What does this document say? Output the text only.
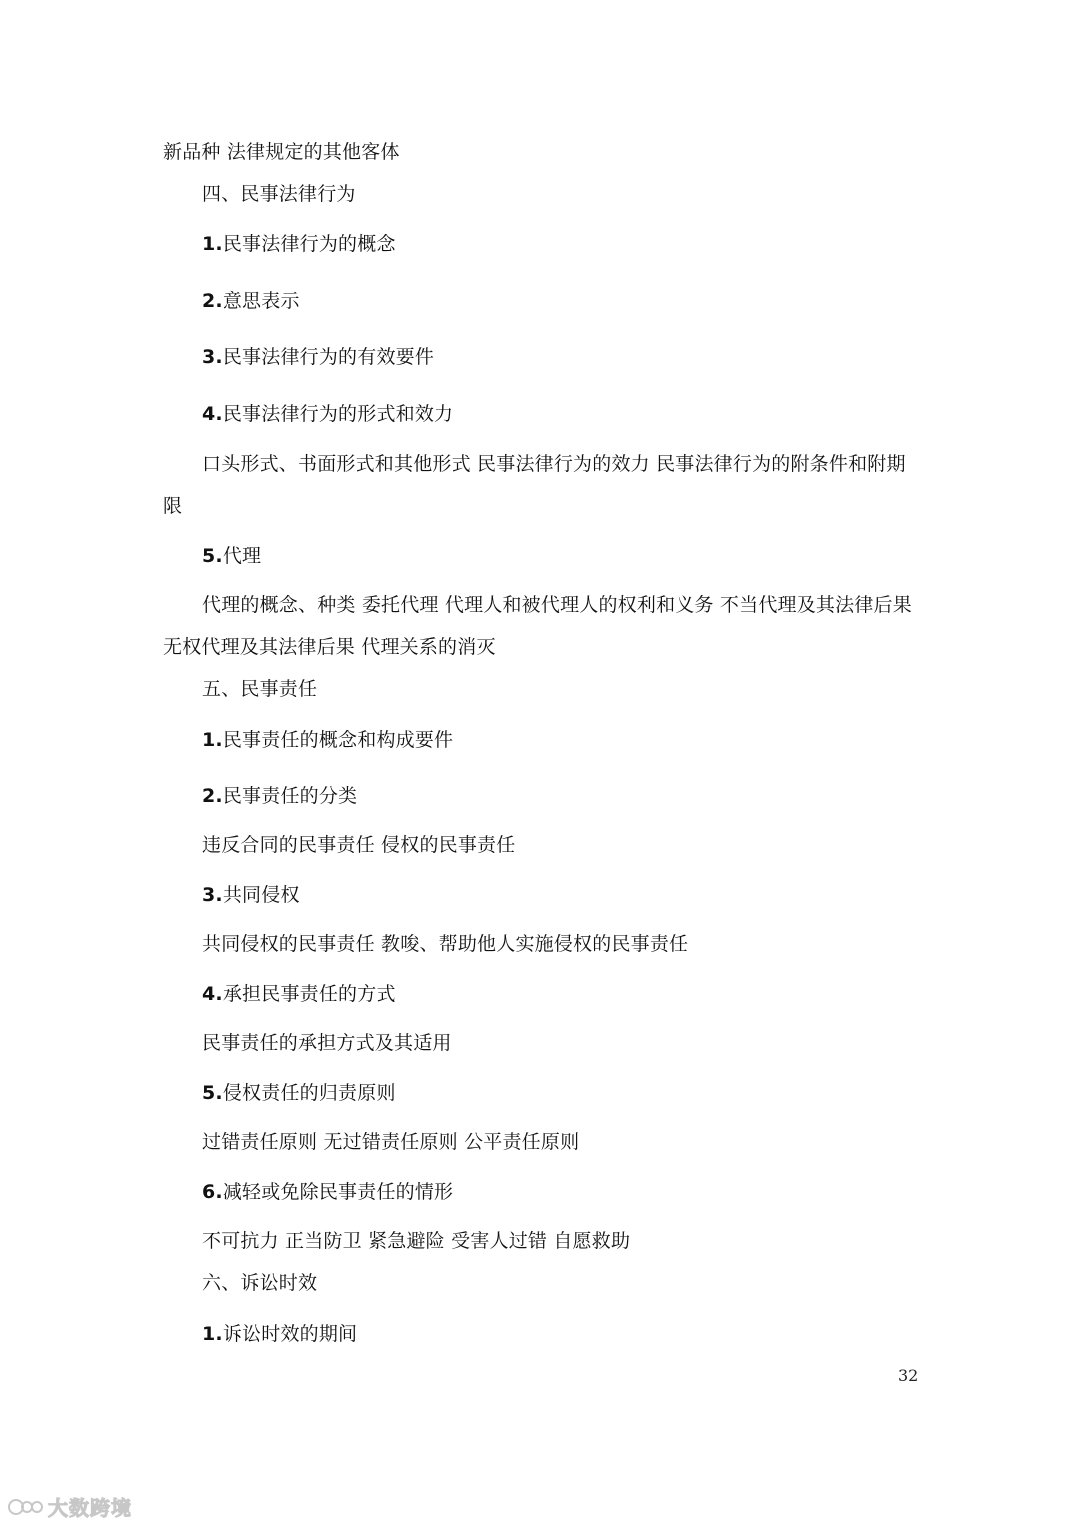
新品种 法律规定的其他客体
四、民事法律行为
1.民事法律行为的概念
2.意思表示
3.民事法律行为的有效要件
4.民事法律行为的形式和效力
口头形式、书面形式和其他形式 民事法律行为的效力 民事法律行为的附条件和附期
限
5.代理
代理的概念、种类 委托代理 代理人和被代理人的权利和义务 不当代理及其法律后果
无权代理及其法律后果 代理关系的消灭
五、民事责任
1.民事责任的概念和构成要件
2.民事责任的分类
违反合同的民事责任 侵权的民事责任
3.共同侵权
共同侵权的民事责任 教唆、帮助他人实施侵权的民事责任
4.承担民事责任的方式
民事责任的承担方式及其适用
5.侵权责任的归责原则
过错责任原则 无过错责任原则 公平责任原则
6.减轻或免除民事责任的情形
不可抗力 正当防卫 紧急避险 受害人过错 自愿救助
六、诉讼时效
1.诉讼时效的期间
32
大数跨境
